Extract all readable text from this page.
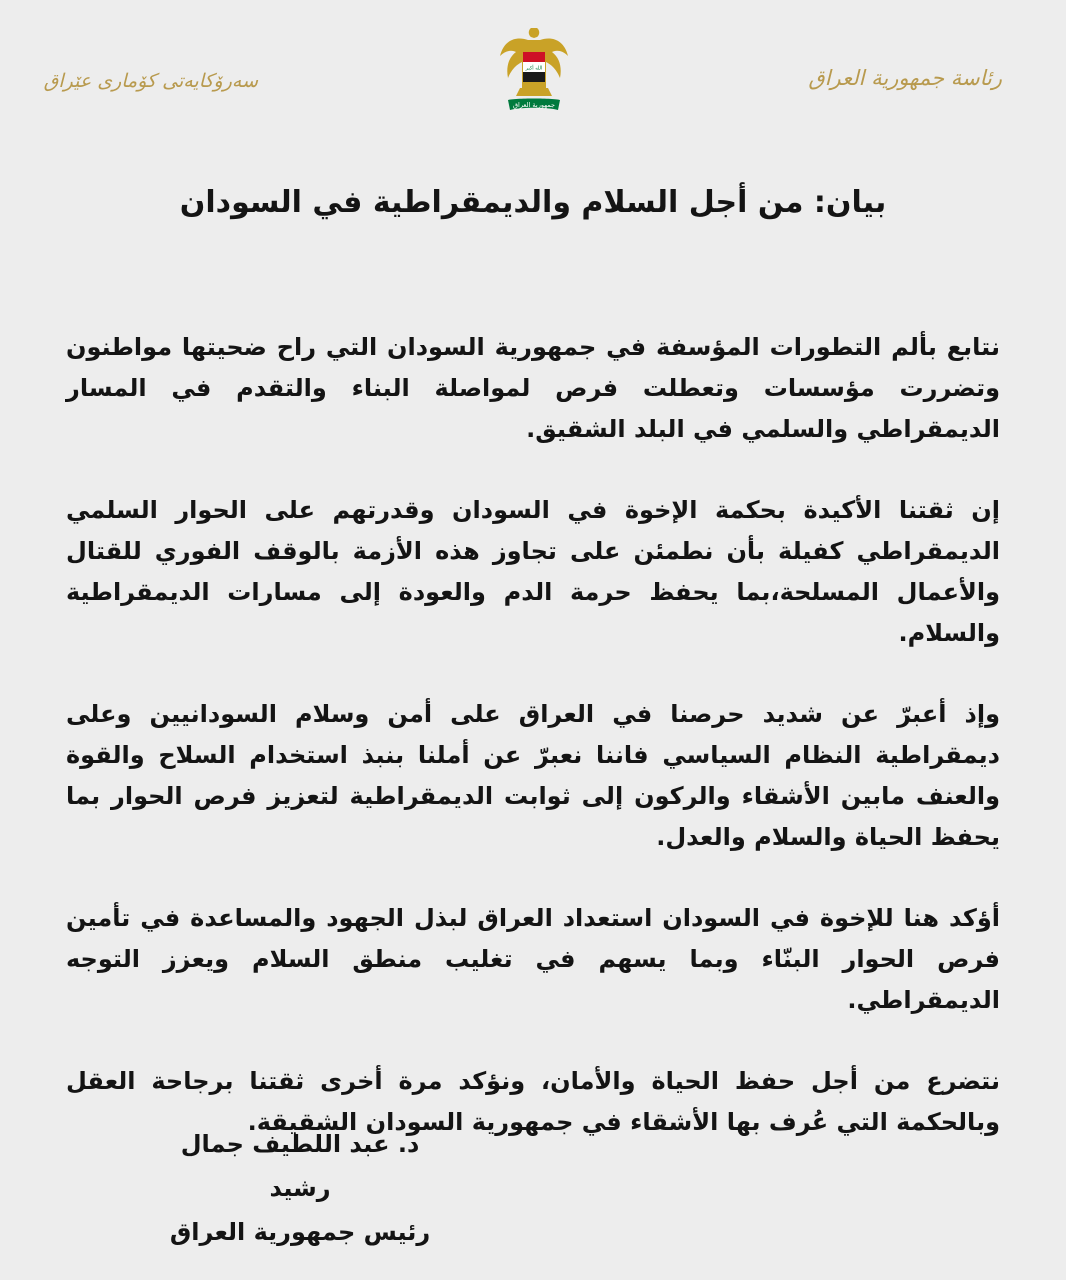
سەرۆکایەتی کۆماری عێراق
الله أكبر
جمهورية العراق
رئاسة جمهورية العراق
بيان: من أجل السلام والديمقراطية في السودان

نتابع بألم التطورات المؤسفة في جمهورية السودان التي راح ضحيتها مواطنون وتضررت مؤسسات وتعطلت فرص لمواصلة البناء والتقدم في المسار الديمقراطي والسلمي في البلد الشقيق.

إن ثقتنا الأكيدة بحكمة الإخوة في السودان وقدرتهم على الحوار السلمي الديمقراطي كفيلة بأن نطمئن على تجاوز هذه الأزمة بالوقف الفوري للقتال والأعمال المسلحة،بما يحفظ حرمة الدم والعودة إلى مسارات الديمقراطية والسلام.

وإذ أعبرّ عن شديد حرصنا في العراق على أمن وسلام السودانيين وعلى ديمقراطية النظام السياسي فاننا نعبرّ عن أملنا بنبذ استخدام السلاح والقوة والعنف مابين الأشقاء والركون إلى ثوابت الديمقراطية لتعزيز فرص الحوار بما يحفظ الحياة والسلام والعدل.

أؤكد هنا للإخوة في السودان استعداد العراق لبذل الجهود والمساعدة في تأمين فرص الحوار البنّاء وبما يسهم في تغليب منطق السلام ويعزز التوجه الديمقراطي.

نتضرع من أجل حفظ الحياة والأمان، ونؤكد مرة أخرى ثقتنا برجاحة العقل وبالحكمة التي عُرف بها الأشقاء في جمهورية السودان الشقيقة.

د. عبد اللطيف جمال رشيد
رئيس جمهورية العراق
